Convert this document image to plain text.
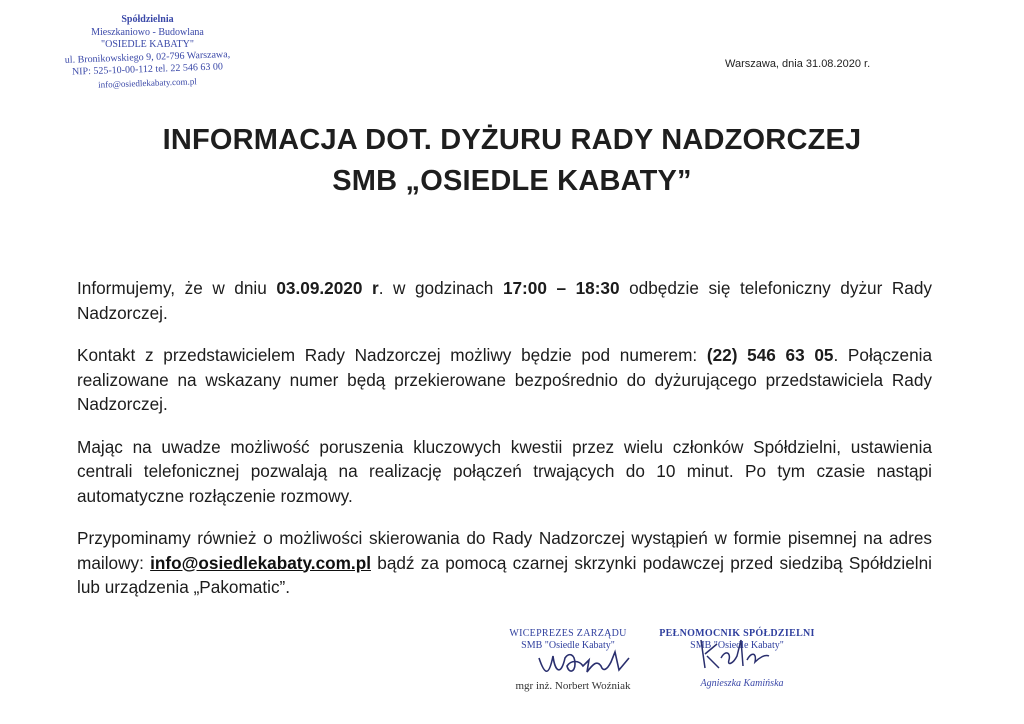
Spółdzielnia
Mieszkaniowo - Budowlana
"OSIEDLE KABATY"
ul. Bronikowskiego 9, 02-796 Warszawa,
NIP: 525-10-00-112 tel. 22 546 63 00
info@osiedlekabaty.com.pl
Warszawa, dnia 31.08.2020 r.
INFORMACJA DOT. DYŻURU RADY NADZORCZEJ
SMB „OSIEDLE KABATY”

Informujemy, że w dniu 03.09.2020 r. w godzinach 17:00 – 18:30 odbędzie się telefoniczny dyżur Rady Nadzorczej.

Kontakt z przedstawicielem Rady Nadzorczej możliwy będzie pod numerem: (22) 546 63 05. Połączenia realizowane na wskazany numer będą przekierowane bezpośrednio do dyżurującego przedstawiciela Rady Nadzorczej.

Mając na uwadze możliwość poruszenia kluczowych kwestii przez wielu członków Spółdzielni, ustawienia centrali telefonicznej pozwalają na realizację połączeń trwających do 10 minut. Po tym czasie nastąpi automatyczne rozłączenie rozmowy.

Przypominamy również o możliwości skierowania do Rady Nadzorczej wystąpień w formie pisemnej na adres mailowy: info@osiedlekabaty.com.pl bądź za pomocą czarnej skrzynki podawczej przed siedzibą Spółdzielni lub urządzenia „Pakomatic”.

WICEPREZES ZARZĄDU
SMB "Osiedle Kabaty"
mgr inż. Norbert Woźniak
PEŁNOMOCNIK SPÓŁDZIELNI
SMB "Osiedle Kabaty"
Agnieszka Kamińska
